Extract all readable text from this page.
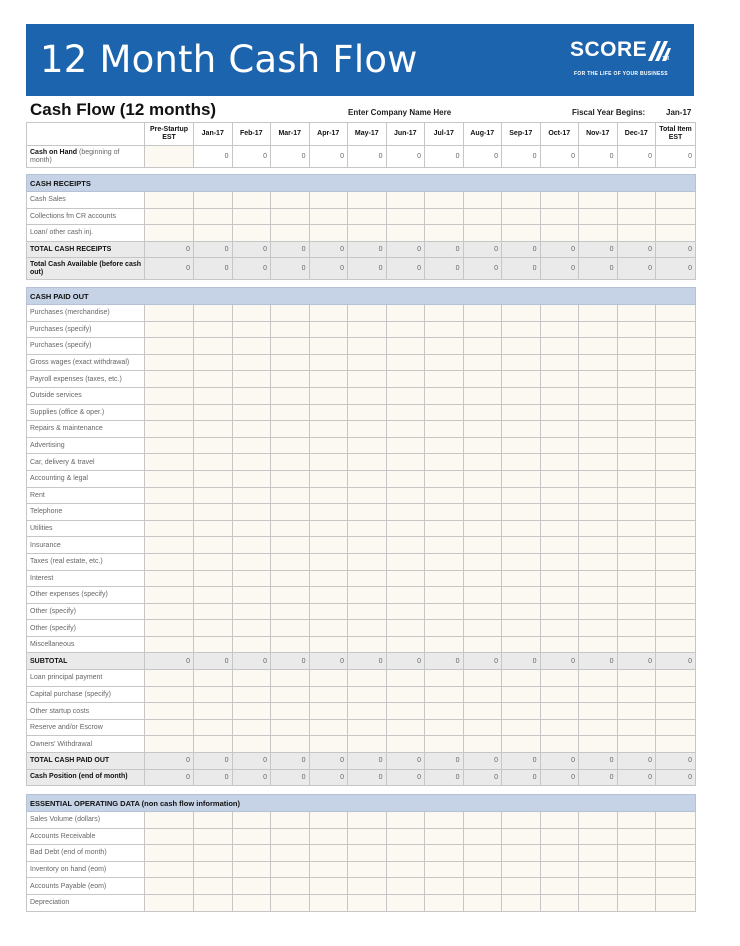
12 Month Cash Flow	SCORE	TM
FOR THE LIFE OF YOUR BUSINESS
Cash Flow (12 months)	Enter Company Name Here	Fiscal Year Begins:	Jan-17
	Pre-Startup EST	Jan-17	Feb-17	Mar-17	Apr-17	May-17	Jun-17	Jul-17	Aug-17	Sep-17	Oct-17	Nov-17	Dec-17	Total Item EST
Cash on Hand (beginning of month)		0	0	0	0	0	0	0	0	0	0	0	0	0
CASH RECEIPTS														
Cash Sales														
Collections fm CR accounts														
Loan/ other cash inj.														
TOTAL CASH RECEIPTS	0	0	0	0	0	0	0	0	0	0	0	0	0	0
Total Cash Available (before cash out)	0	0	0	0	0	0	0	0	0	0	0	0	0	0
CASH PAID OUT														
Purchases (merchandise)														
Purchases (specify)														
Purchases (specify)														
Gross wages (exact withdrawal)														
Payroll expenses (taxes, etc.)														
Outside services														
Supplies (office & oper.)														
Repairs & maintenance														
Advertising														
Car, delivery & travel														
Accounting & legal														
Rent														
Telephone														
Utilities														
Insurance														
Taxes (real estate, etc.)														
Interest														
Other expenses (specify)														
Other (specify)														
Other (specify)														
Miscellaneous														
SUBTOTAL	0	0	0	0	0	0	0	0	0	0	0	0	0	0
Loan principal payment														
Capital purchase (specify)														
Other startup costs														
Reserve and/or Escrow														
Owners' Withdrawal														
TOTAL CASH PAID OUT	0	0	0	0	0	0	0	0	0	0	0	0	0	0
Cash Position (end of month)	0	0	0	0	0	0	0	0	0	0	0	0	0	0
ESSENTIAL OPERATING DATA (non cash flow information)														
Sales Volume (dollars)														
Accounts Receivable														
Bad Debt (end of month)														
Inventory on hand (eom)														
Accounts Payable (eom)														
Depreciation														
